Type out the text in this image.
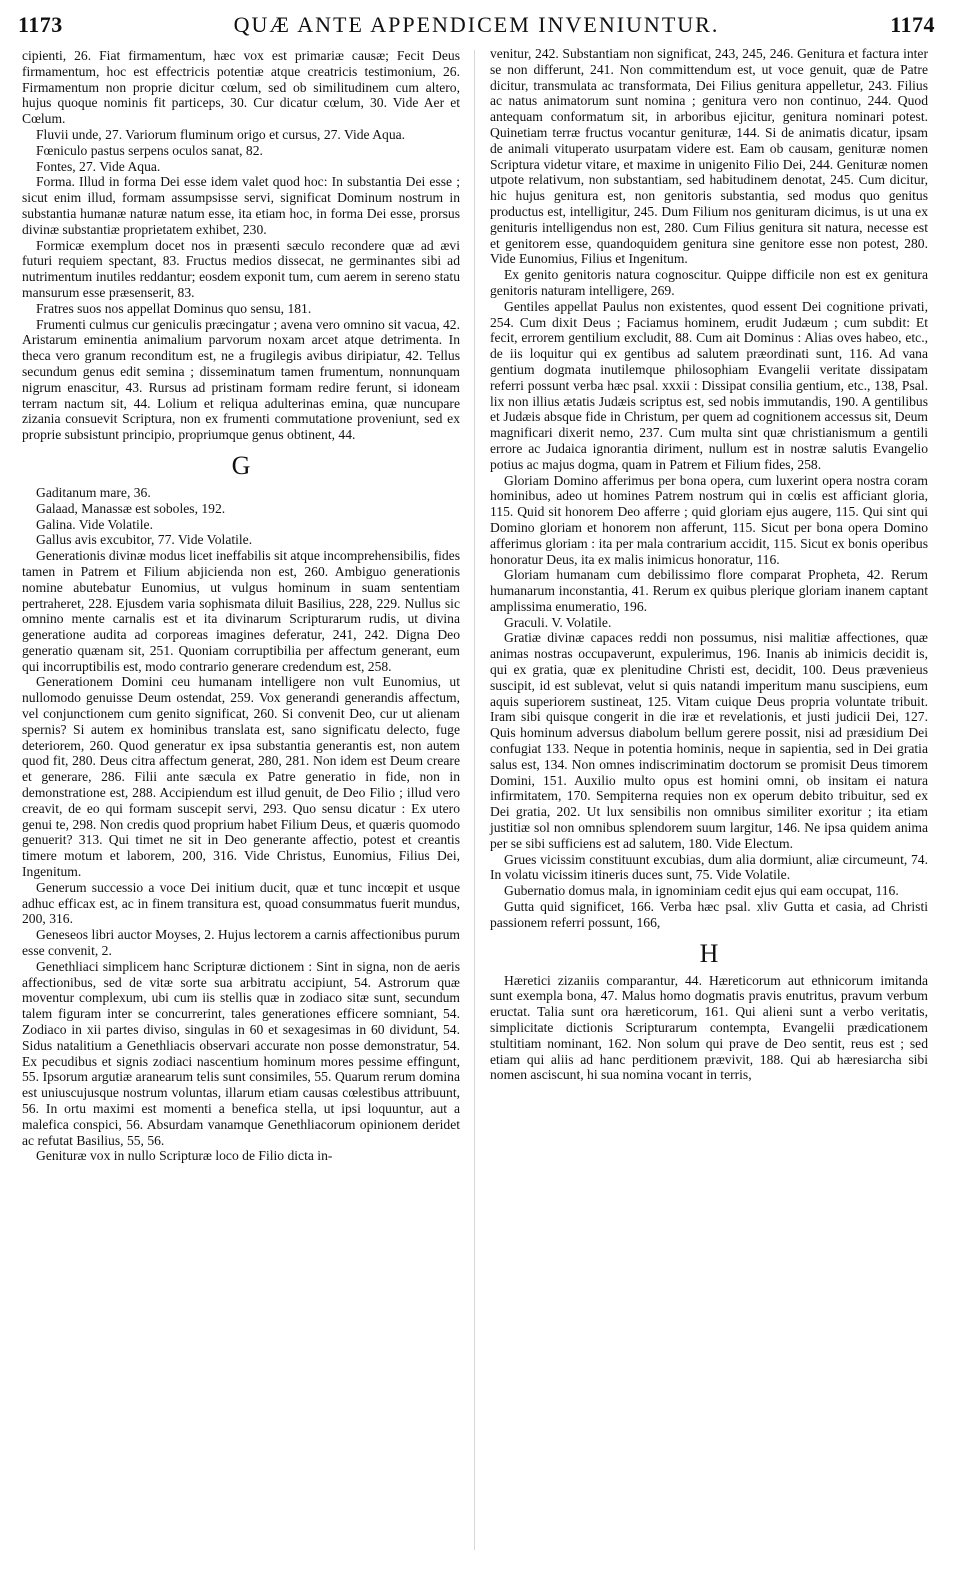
1173	QUÆ ANTE APPENDICEM INVENIUNTUR.	1174

cipienti, 26. Fiat firmamentum, hæc vox est primariæ causæ; Fecit Deus firmamentum, hoc est effectricis potentiæ atque creatricis testimonium, 26. Firmamentum non proprie dicitur cœlum, sed ob similitudinem cum altero, hujus quoque nominis fit particeps, 30. Cur dicatur cœlum, 30. Vide Aer et Cœlum.

Fluvii unde, 27. Variorum fluminum origo et cursus, 27. Vide Aqua.

Fœniculo pastus serpens oculos sanat, 82.

Fontes, 27. Vide Aqua.

Forma. Illud in forma Dei esse idem valet quod hoc: In substantia Dei esse ; sicut enim illud, formam assumpsisse servi, significat Dominum nostrum in substantia humanæ naturæ natum esse, ita etiam hoc, in forma Dei esse, prorsus divinæ substantiæ proprietatem exhibet, 230.

Formicæ exemplum docet nos in præsenti sæculo recondere quæ ad ævi futuri requiem spectant, 83. Fructus medios dissecat, ne germinantes sibi ad nutrimentum inutiles reddantur; eosdem exponit tum, cum aerem in sereno statu mansurum esse præsenserit, 83.

Fratres suos nos appellat Dominus quo sensu, 181.

Frumenti culmus cur geniculis præcingatur ; avena vero omnino sit vacua, 42. Aristarum eminentia animalium parvorum noxam arcet atque detrimenta. In theca vero granum reconditum est, ne a frugilegis avibus diripiatur, 42. Tellus secundum genus edit semina ; disseminatum tamen frumentum, nonnunquam nigrum enascitur, 43. Rursus ad pristinam formam redire ferunt, si idoneam terram nactum sit, 44. Lolium et reliqua adulterinas emina, quæ nuncupare zizania consuevit Scriptura, non ex frumenti commutatione proveniunt, sed ex proprie subsistunt principio, propriumque genus obtinent, 44.

G

Gaditanum mare, 36.

Galaad, Manassæ est soboles, 192.

Galina. Vide Volatile.

Gallus avis excubitor, 77. Vide Volatile.

Generationis divinæ modus licet ineffabilis sit atque incomprehensibilis, fides tamen in Patrem et Filium abjicienda non est, 260. Ambiguo generationis nomine abutebatur Eunomius, ut vulgus hominum in suam sententiam pertraheret, 228. Ejusdem varia sophismata diluit Basilius, 228, 229. Nullus sic omnino mente carnalis est et ita divinarum Scripturarum rudis, ut divina generatione audita ad corporeas imagines deferatur, 241, 242. Digna Deo generatio quænam sit, 251. Quoniam corruptibilia per affectum generant, eum qui incorruptibilis est, modo contrario generare credendum est, 258.

Generationem Domini ceu humanam intelligere non vult Eunomius, ut nullomodo genuisse Deum ostendat, 259. Vox generandi generandis affectum, vel conjunctionem cum genito significat, 260. Si convenit Deo, cur ut alienam spernis? Si autem ex hominibus translata est, sano significatu delecto, fuge deteriorem, 260. Quod generatur ex ipsa substantia generantis est, non autem quod fit, 280. Deus citra affectum generat, 280, 281. Non idem est Deum creare et generare, 286. Filii ante sæcula ex Patre generatio in fide, non in demonstratione est, 288. Accipiendum est illud genuit, de Deo Filio ; illud vero creavit, de eo qui formam suscepit servi, 293. Quo sensu dicatur : Ex utero genui te, 298. Non credis quod proprium habet Filium Deus, et quæris quomodo genuerit? 313. Qui timet ne sit in Deo generante affectio, potest et creantis timere motum et laborem, 200, 316. Vide Christus, Eunomius, Filius Dei, Ingenitum.

Generum successio a voce Dei initium ducit, quæ et tunc incœpit et usque adhuc efficax est, ac in finem transitura est, quoad consummatus fuerit mundus, 200, 316.

Geneseos libri auctor Moyses, 2. Hujus lectorem a carnis affectionibus purum esse convenit, 2.

Genethliaci simplicem hanc Scripturæ dictionem : Sint in signa, non de aeris affectionibus, sed de vitæ sorte sua arbitratu accipiunt, 54. Astrorum quæ moventur complexum, ubi cum iis stellis quæ in zodiaco sitæ sunt, secundum talem figuram inter se concurrerint, tales generationes efficere somniant, 54. Zodiaco in xii partes diviso, singulas in 60 et sexagesimas in 60 dividunt, 54. Sidus natalitium a Genethliacis observari accurate non posse demonstratur, 54. Ex pecudibus et signis zodiaci nascentium hominum mores pessime effingunt, 55. Ipsorum argutiæ aranearum telis sunt consimiles, 55. Quarum rerum domina est uniuscujusque nostrum voluntas, illarum etiam causas cœlestibus attribuunt, 56. In ortu maximi est momenti a benefica stella, ut ipsi loquuntur, aut a malefica conspici, 56. Absurdam vanamque Genethliacorum opinionem deridet ac refutat Basilius, 55, 56.

Genituræ vox in nullo Scripturæ loco de Filio dicta in-

venitur, 242. Substantiam non significat, 243, 245, 246. Genitura et factura inter se non differunt, 241. Non committendum est, ut voce genuit, quæ de Patre dicitur, transmulata ac transformata, Dei Filius genitura appelletur, 243. Filius ac natus animatorum sunt nomina ; genitura vero non continuo, 244. Quod antequam conformatum sit, in arboribus ejicitur, genitura nominari potest. Quinetiam terræ fructus vocantur genituræ, 144. Si de animatis dicatur, ipsam de animali vituperato usurpatam videre est. Eam ob causam, genituræ nomen Scriptura videtur vitare, et maxime in unigenito Filio Dei, 244. Genituræ nomen utpote relativum, non substantiam, sed habitudinem denotat, 245. Cum dicitur, hic hujus genitura est, non genitoris substantia, sed modus quo genitus productus est, intelligitur, 245. Dum Filium nos genituram dicimus, is ut una ex genituris intelligendus non est, 280. Cum Filius genitura sit natura, necesse est et genitorem esse, quandoquidem genitura sine genitore esse non potest, 280. Vide Eunomius, Filius et Ingenitum.

Ex genito genitoris natura cognoscitur. Quippe difficile non est ex genitura genitoris naturam intelligere, 269.

Gentiles appellat Paulus non existentes, quod essent Dei cognitione privati, 254. Cum dixit Deus ; Faciamus hominem, erudit Judæum ; cum subdit: Et fecit, errorem gentilium excludit, 88. Cum ait Dominus : Alias oves habeo, etc., de iis loquitur qui ex gentibus ad salutem præordinati sunt, 116. Ad vana gentium dogmata inutilemque philosophiam Evangelii veritate dissipatam referri possunt verba hæc psal. xxxii : Dissipat consilia gentium, etc., 138, Psal. lix non illius ætatis Judæis scriptus est, sed nobis immutandis, 190. A gentilibus et Judæis absque fide in Christum, per quem ad cognitionem accessus sit, Deum magnificari dixerit nemo, 237. Cum multa sint quæ christianismum a gentili errore ac Judaica ignorantia diriment, nullum est in nostræ salutis Evangelio potius ac majus dogma, quam in Patrem et Filium fides, 258.

Gloriam Domino afferimus per bona opera, cum luxerint opera nostra coram hominibus, adeo ut homines Patrem nostrum qui in cœlis est afficiant gloria, 115. Quid sit honorem Deo afferre ; quid gloriam ejus augere, 115. Qui sint qui Domino gloriam et honorem non afferunt, 115. Sicut per bona opera Domino afferimus gloriam : ita per mala contrarium accidit, 115. Sicut ex bonis operibus honoratur Deus, ita ex malis inimicus honoratur, 116.

Gloriam humanam cum debilissimo flore comparat Propheta, 42. Rerum humanarum inconstantia, 41. Rerum ex quibus plerique gloriam inanem captant amplissima enumeratio, 196.

Graculi. V. Volatile.

Gratiæ divinæ capaces reddi non possumus, nisi malitiæ affectiones, quæ animas nostras occupaverunt, expulerimus, 196. Inanis ab inimicis decidit is, qui ex gratia, quæ ex plenitudine Christi est, decidit, 100. Deus prævenieus suscipit, id est sublevat, velut si quis natandi imperitum manu suscipiens, eum aquis superiorem sustineat, 125. Vitam cuique Deus propria voluntate tribuit. Iram sibi quisque congerit in die iræ et revelationis, et justi judicii Dei, 127. Quis hominum adversus diabolum bellum gerere possit, nisi ad præsidium Dei confugiat 133. Neque in potentia hominis, neque in sapientia, sed in Dei gratia salus est, 134. Non omnes indiscriminatim doctorum se promisit Deus timorem Domini, 151. Auxilio multo opus est homini omni, ob insitam ei natura infirmitatem, 170. Sempiterna requies non ex operum debito tribuitur, sed ex Dei gratia, 202. Ut lux sensibilis non omnibus similiter exoritur ; ita etiam justitiæ sol non omnibus splendorem suum largitur, 146. Ne ipsa quidem anima per se sibi sufficiens est ad salutem, 180. Vide Electum.

Grues vicissim constituunt excubias, dum alia dormiunt, aliæ circumeunt, 74. In volatu vicissim itineris duces sunt, 75. Vide Volatile.

Gubernatio domus mala, in ignominiam cedit ejus qui eam occupat, 116.

Gutta quid significet, 166. Verba hæc psal. xliv Gutta et casia, ad Christi passionem referri possunt, 166,

H

Hæretici zizaniis comparantur, 44. Hæreticorum aut ethnicorum imitanda sunt exempla bona, 47. Malus homo dogmatis pravis enutritus, pravum verbum eructat. Talia sunt ora hæreticorum, 161. Qui alieni sunt a verbo veritatis, simplicitate dictionis Scripturarum contempta, Evangelii prædicationem stultitiam nominant, 162. Non solum qui prave de Deo sentit, reus est ; sed etiam qui aliis ad hanc perditionem prævivit, 188. Qui ab hæresiarcha sibi nomen asciscunt, hi sua nomina vocant in terris,
